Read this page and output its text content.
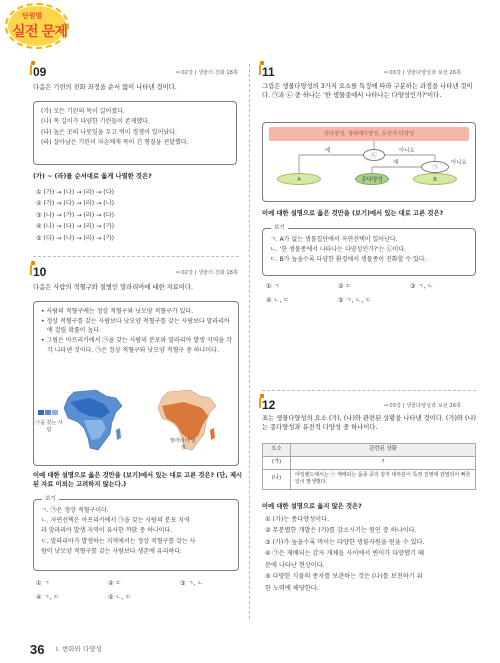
단원별
실전 문제
09	⇔02강 | 생물의 진화 18쪽
다음은 기린의 진화 과정을 순서 없이 나타낸 것이다.
(가) 모든 기린의 목이 길어졌다.
(나) 목 길이가 다양한 기린들이 존재했다.
(다) 높은 곳의 나뭇잎을 두고 먹이 경쟁이 일어났다.
(라) 살아남은 기린이 자손에게 목이 긴 형질을 전달했다.
(가) ~ (라)를 순서대로 옳게 나열한 것은?
① (가) → (나) → (라) → (다)
② (가) → (다) → (라) → (나)
③ (나) → (가) → (라) → (다)
④ (나) → (다) → (라) → (가)
⑤ (다) → (나) → (라) → (가)
10	⇔02강 | 생물의 진화 18쪽
다음은 사람의 적혈구와 질병인 말라리아에 대한 자료이다.
• 사람의 적혈구에는 정상 적혈구와 낫모양 적혈구가 있다.
• 정상 적혈구를 갖는 사람보다 낫모양 적혈구를 갖는 사람보다 말라리아에 걸릴 확률이 높다.
• 그림은 아프리카에서 ㉠을 갖는 사람의 분포와 말라리아 발생 지역을 각각 나타낸 것이다. ㉠은 정상 적혈구와 낫모양 적혈구 중 하나이다.
㉠을 갖는 사람
말라리아 발생
이에 대한 설명으로 옳은 것만을 (보기)에서 있는 대로 고른 것은? (단, 제시된 자료 이외는 고려하지 않는다.)
보기
ㄱ. ㉠은 정상 적혈구이다.
ㄴ. 자연선택은 아프리카에서 ㉠을 갖는 사람의 분포 지역
과 말라리아 발생 지역이 유사한 까닭 중 하나이다.
ㄷ. 말라리아가 발생하는 지역에서는 정상 적혈구를 갖는 사
람이 낫모양 적혈구를 갖는 사람보다 생존에 유리하다.
① ㄱ	② ㄷ	③ ㄱ, ㄴ
④ ㄱ, ㄷ	⑤ ㄴ, ㄷ
11	⇔03강 | 생물다양성과 보전 26쪽
그림은 생물다양성의 3가지 요소를 특징에 따라 구분하는 과정을 나타낸 것이다. ㉠과 ㉡ 중 하나는 '한 생물종에서 나타나는 다양성인가?'이다.
종다양성, 생태계다양성, 유전적 다양성
㉡
㉠
예	아니요
예	아니요
A	종다양성	B
이에 대한 설명으로 옳은 것만을 (보기)에서 있는 대로 고른 것은?
보기
ㄱ. A가 없는 생물집단에서 자연선택이 일어난다.
ㄴ. '한 생물종에서 나타나는 다양성인가?'는 ㉡이다.
ㄷ. B가 높을수록 다양한 환경에서 생물종이 진화할 수 있다.
① ㄱ	② ㄷ	③ ㄱ, ㄴ
④ ㄴ, ㄷ	⑤ ㄱ, ㄴ, ㄷ
12	⇔03강 | 생물다양성과 보전 26쪽
표는 생물다양성의 요소 (가), (나)와 관련된 상황을 나타낸 것이다. (가)와 (나)는 종다양성과 유전적 다양성 중 하나이다.
요소	관련된 상황
(가)	?
(나)	아일랜드에서는 ㉠ 재배되는 품종 중의 감자 대부분이 특정 질병에 감염되어 빠른 일이 발생했다.
이에 대한 설명으로 옳지 않은 것은?
① (가)는 종다양성이다.
② 무분별한 개발은 (가)를 감소시키는 원인 중 하나이다.
③ (가)가 높을수록 먹이는 다양한 생물자원을 얻을 수 있다.
④ ㉠은 재배되는 감자 개체들 사이에서 변이가 다양했기 때
문에 나타난 현상이다.
⑤ 다양한 식물의 종자를 보관하는 것은 (나)를 보전하기 위
한 노력에 해당한다.
36 I. 변화와 다양성
